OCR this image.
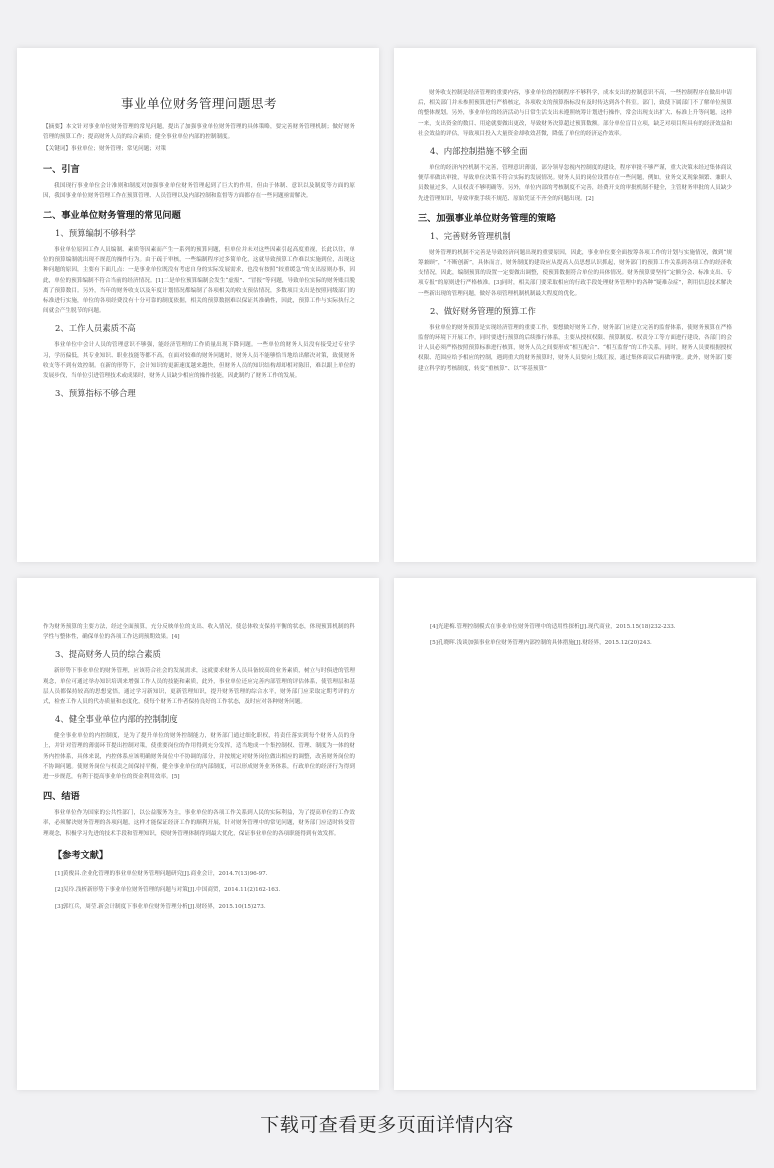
事业单位财务管理问题思考

【摘要】本文针对事业单位财务管理的常见问题，提出了加强事业单位财务管理的具体策略，要完善财务管理机制；做好财务管理的预算工作；提高财务人员的综合素质；健全事业单位内部的控制制度。

【关键词】事业单位；财务管理；常见问题；对策

一、引言

我国现行事业单位会计准则和制度对加强事业单位财务管理起到了巨大的作用，但由于体制、意识以及制度等方面的原因，我国事业单位财务管理工作在预算管理、人员管理以及内部控制和监督等方面都存在一些问题亟需解决。

二、事业单位财务管理的常见问题
1、预算编制不够科学

事业单位原因工作人员编制、素质等因素而产生一系列的预算问题，但单位并未对这些因素引起高度重视，长此以往，单位的预算编制就出现不规范的操作行为。由于疏于审核，一些编制程序过多简单化，这就导致预算工作难以实施到位，出现这种问题的原因，主要有下面几点：一是事业单位既没有考虑自身的实际发展需求，也没有按照“较重缓急”的支出原则办事，因此，单位的预算编制不符合当前的经济情况。[1]二是单位预算编制会发生“虚报”、“冒报”等问题，导致单位实际的财务账目脱离了预算数目。另外，当年的财务收支以及年度计划情况都编制了各项相关的收支预估情况，多数项目支出是按照同级部门的标准进行实施，单位的各项经费没有十分可靠的制度依据，相关的预算数据难以保证其准确性，因此，预算工作与实际执行之间就会产生脱节的问题。

2、工作人员素质不高

事业单位中会计人员的管理意识不够强，能经济管理的工作质量出现下降问题。一些单位的财务人员没有接受过专业学习，学历偏低，其专业知识、职业技能等都不高，在面对较难的财务问题时，财务人员不能够恰当地给出解决对策，致使财务收支等不到有效控制。在新的形势下，会计知识的更新速度越来越快，但财务人员的知识结构却却相对陈旧，难以跟上单位的发展步伐，当单位引进管理技术或成果时，财务人员缺少相应的操作技能，因此制约了财务工作的发展。

3、预算指标不够合理

财务收支控制是经济管理的重要内容，事业单位的控制程序不够科学，成本支出的控制意识不高，一些控制程序在做出申请后，相关部门并未参照预算进行严格核定，各项收支的预算指标没有及时传达到各个科室。部门，致使下属部门不了解单位预算的整体规划。另外，事业单位的经济活动与日常生活支出未遵照统筹计划进行操作，常会出现支出扩大、标准上升等问题，这样一来，支出资金的数目、用途就要做出更改，导致财务决算超过预算数额。部分单位盲目立项，缺乏对项目所具有的经济效益和社会效益的评估，导致项目投入大量资金却收效甚微，降低了单位的经济运作效率。

4、内部控制措施不够全面

单位的经济内控机制不完善，管理意识薄弱，部分领导忽视内控制度的建设，程序审批不够严谨，重大决策未经过集体商议便草率做出审批，导致单位决策不符合实际的发展情况。财务人员的岗位设置存在一些问题，例如，业务交叉现象频繁、兼职人员数量过多，人员权责不够明确等。另外，单位内部的考核制度不完善，经费开支的审批机制不健全，主管财务审批的人员缺少先进管理知识，导致审批手续不规范、原始凭证不齐全的问题出现。[2]

三、加强事业单位财务管理的策略
1、完善财务管理机制

财务管理的机制不完善是导致经济问题出现的重要原因，因此，事业单位要全面按筹各项工作的计划与实施情况，做到“规筹兼顾”，“不断创新”，具体而言，财务制度的建设应从提高人员思想认识抓起，财务部门的预算工作关系到各项工作的经济收支情况，因此，编制预算的设置一定要做出调整，使预算数据符合单位的具体情况。财务预算要坚持“定额分会、标准支出、专项专报”的原则进行严格核准。[3]同时，相关部门要采取相应的行政手段处理财务管理中的各种“疑难杂症”，利用信息技术解决一些新出现的管理问题，做好各项管理机制机制最大程度的优化。

2、做好财务管理的预算工作

事业单位的财务预算是实现经济管理的重要工作，要想做好财务工作，财务部门应建立完善的监督体系，使财务预算在严格监督的环境下开展工作，同时要进行预算的后续推行体系，主要从授权权限、预算制度、权责分工等方面进行建设，各部门的会计人员必须严格按照预算标准进行核算，财务人员之间要形成“相互配合”、“相互监督”的工作关系，同时，财务人员要根据授权权限、范围应给予相应的控制，遇到重大的财务预算时，财务人员要向上级汇报，通过集体商议后再做审批。此外，财务部门要建立科学的考核制度，转变“重核算”、以“零基预算”

作为财务预算的主要方法，经过全面预算，充分反映单位的支出、收入情况，使总体收支保持平衡的状态，体现预算机制的科学性与整体性，确保单位的各项工作达到预期效果。[4]

3、提高财务人员的综合素质

新形势下事业单位的财务管理，应该符合社会的发展需求，这就要求财务人员具备较高的业务素质，树立与时俱进的管理观念，单位可通过举办知识培训来增强工作人员的技能和素质，此外，事业单位还应完善内部管理的评估体系，使管理层和基层人员都保持较高的思想觉悟，通过学习新知识，更新管理知识，提升财务管理的综合水平，财务部门应采取定期考评的方式，检查工作人员的代办质量和态度化，使每个财务工作者保持良好的工作状态，及时应对各种财务问题。

4、健全事业单位内部的控制制度

健全事业单位的内控制度，是为了提升单位的财务控制能力，财务部门通过细化职权，将责任落实到每个财务人员的身上，并针对管理的薄弱环节提出控制对策，使重要岗位的作用得到充分发挥，适当地成一个集控制权、管理、制度为一体的财务内控体系，具体来说，内控体系应该明确财务岗位中不协调的部分，并按规定对财务岗位做出相应的调整，改善财务岗位的不协调问题。使财务岗位与权责之间保持平衡，健全事业单位的内部制度，可以形成财务业务体系，行政单位的经济行为得到进一步规范，有利于提高事业单位的资金利用效率。[5]

四、结语

事业单位作为国家的公共性部门，以公益服务为主，事业单位的各项工作关系到人民的实际利益，为了提高单位的工作效率，必须解决财务管理的各项问题，这样才能保证经济工作的顺利开展，针对财务管理中的常见问题，财务部门应适时转变管理观念，积极学习先进的技术手段和管理知识，使财务管理体制得到最大优化，保证事业单位的各项职能得到有效发挥。

【参考文献】
[1]黄俊昌.企业化管理的事业单位财务管理问题研究[J].商业会计，2014.7(13)96-97.
[2]吴玲.浅析新形势下事业单位财务管理的问题与对策[J].中国商贸，2014.11(2)162-163.
[3]郭红兵，周莹.新会计制度下事业单位财务管理分析[J].财经界，2015.10(15)273.
[4]光建梅.管理控制模式在事业单位财务管理中的适用性探析[J].现代商业，2015.15(18)232-233.
[5]孔晓晖.浅谈加强事业单位财务管理内部控制的具体措施[J].财经界，2015.12(20)243.
下载可查看更多页面详情内容
